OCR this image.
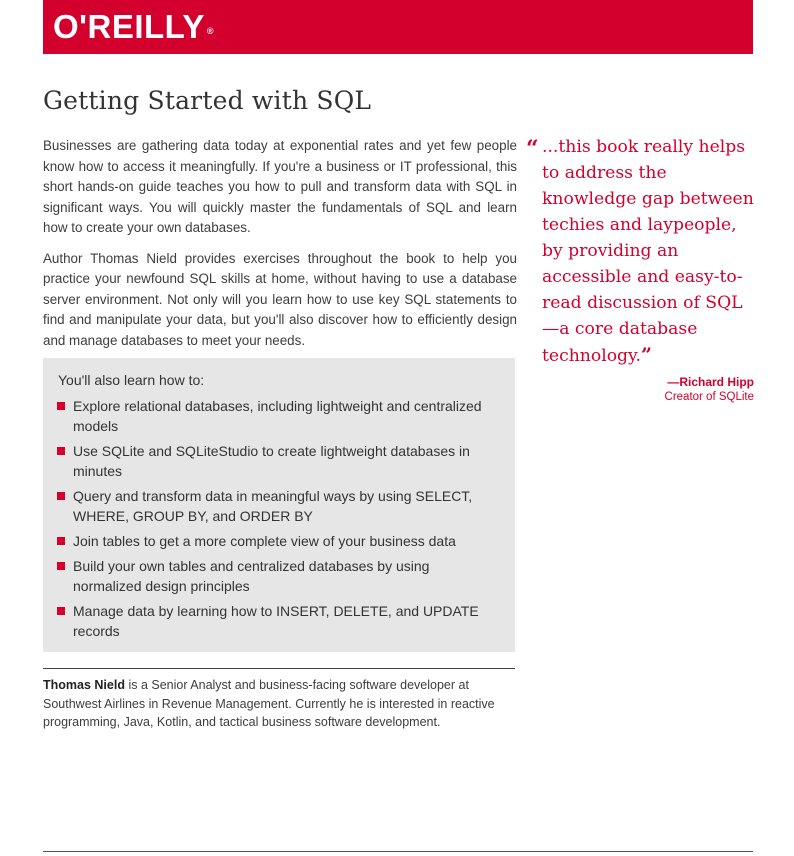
O'REILLY ®
Getting Started with SQL

Businesses are gathering data today at exponential rates and yet few people know how to access it meaningfully. If you're a business or IT professional, this short hands-on guide teaches you how to pull and transform data with SQL in significant ways. You will quickly master the fundamentals of SQL and learn how to create your own databases.

Author Thomas Nield provides exercises throughout the book to help you practice your newfound SQL skills at home, without having to use a database server environment. Not only will you learn how to use key SQL statements to find and manipulate your data, but you'll also discover how to efficiently design and manage databases to meet your needs.

“ ...this book really helps to address the knowledge gap between techies and laypeople, by providing an accessible and easy-to-read discussion of SQL—a core database technology.”

—Richard Hipp
Creator of SQLite
You'll also learn how to:
Explore relational databases, including lightweight and centralized models
Use SQLite and SQLiteStudio to create lightweight databases in minutes
Query and transform data in meaningful ways by using SELECT, WHERE, GROUP BY, and ORDER BY
Join tables to get a more complete view of your business data
Build your own tables and centralized databases by using normalized design principles
Manage data by learning how to INSERT, DELETE, and UPDATE records

Thomas Nield is a Senior Analyst and business-facing software developer at Southwest Airlines in Revenue Management. Currently he is interested in reactive programming, Java, Kotlin, and tactical business software development.
